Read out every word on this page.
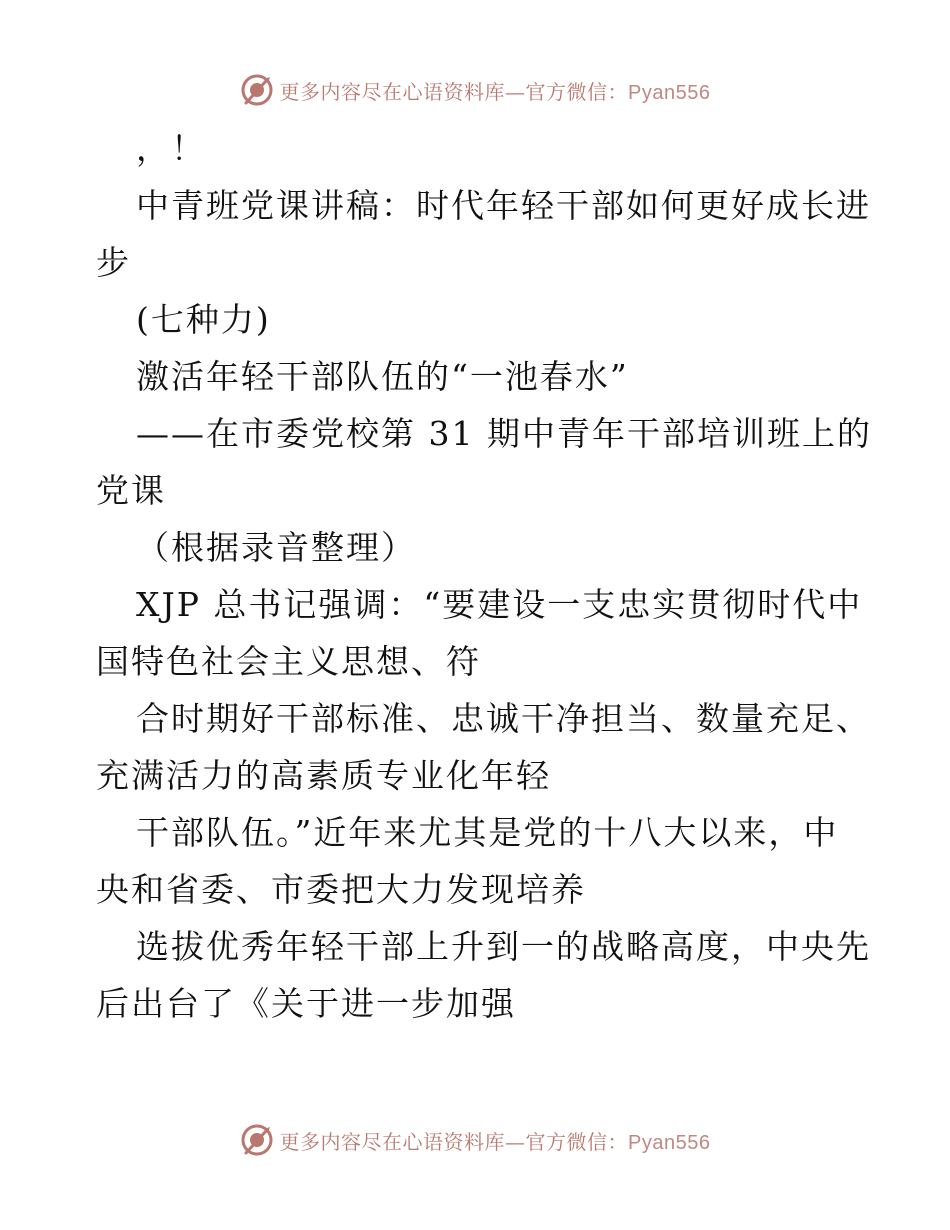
更多内容尽在心语资料库—官方微信：Pyan556
，！
中青班党课讲稿：时代年轻干部如何更好成长进
步
(七种力)
激活年轻干部队伍的“一池春水”
——在市委党校第 31 期中青年干部培训班上的
党课
（根据录音整理）
XJP 总书记强调：“要建设一支忠实贯彻时代中
国特色社会主义思想、符
合时期好干部标准、忠诚干净担当、数量充足、
充满活力的高素质专业化年轻
干部队伍。”近年来尤其是党的十八大以来，中
央和省委、市委把大力发现培养
选拔优秀年轻干部上升到一的战略高度，中央先
后出台了《关于进一步加强
更多内容尽在心语资料库—官方微信：Pyan556
